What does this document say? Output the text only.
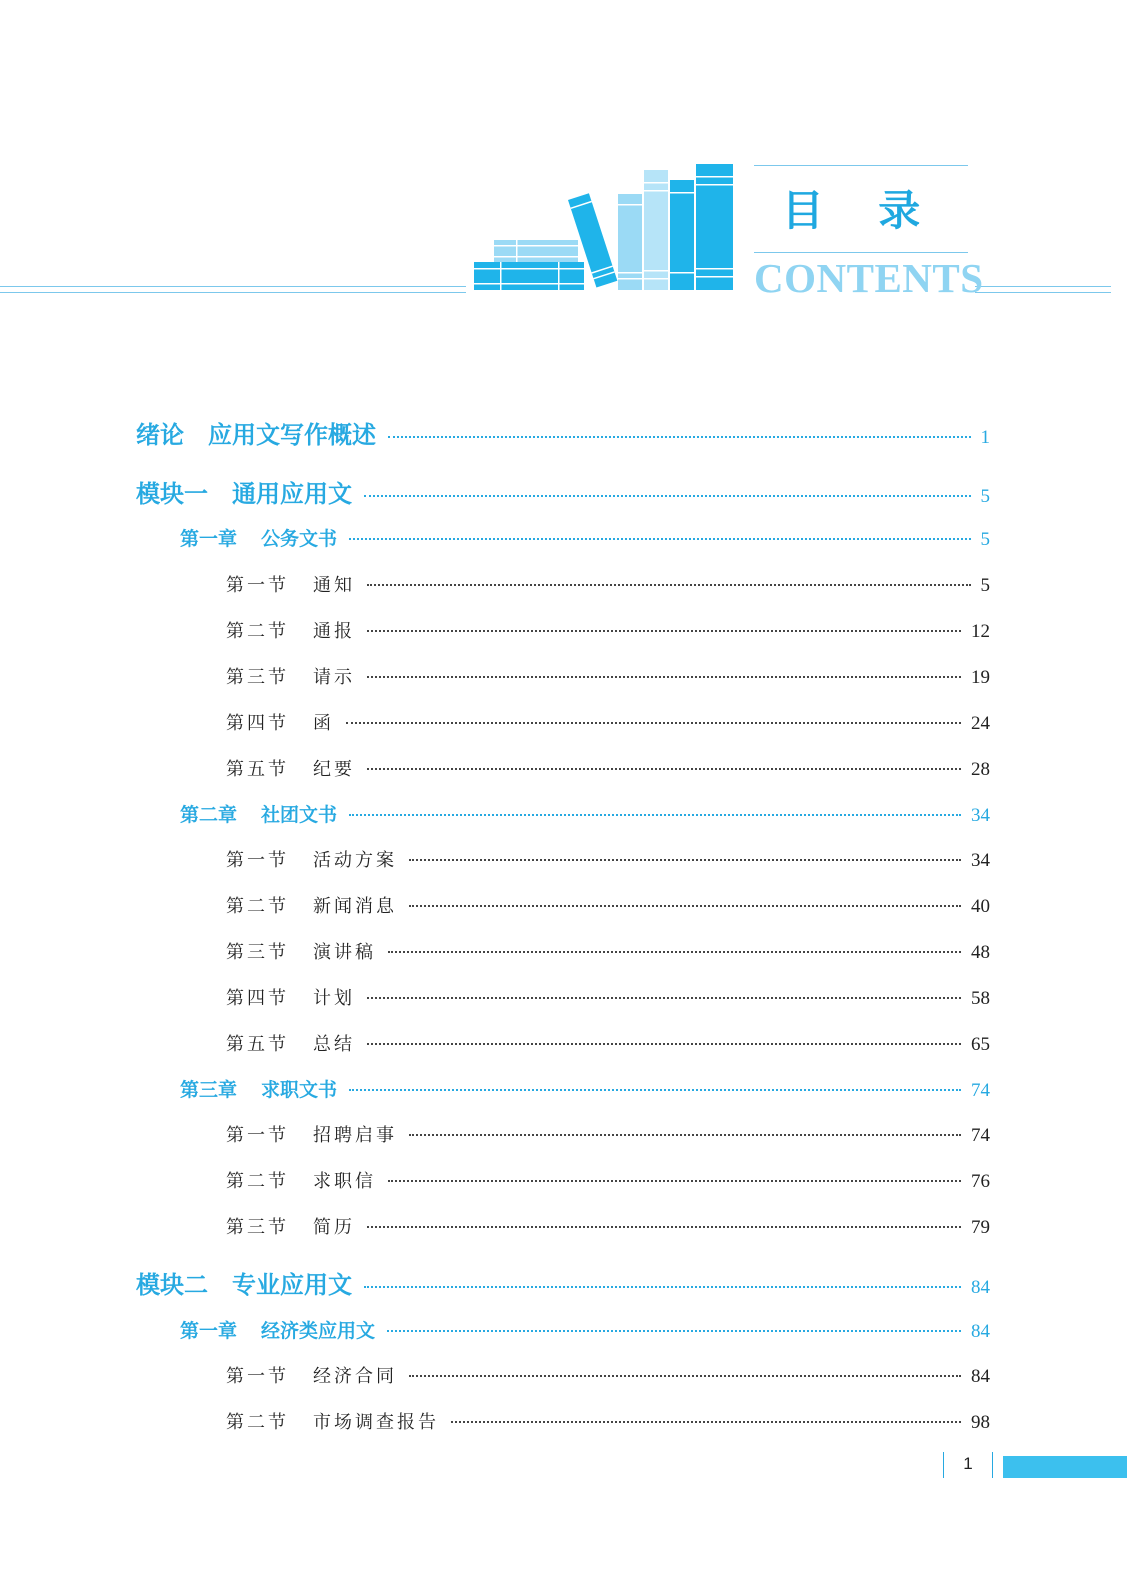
目 录
CONTENTS
绪论 应用文写作概述	1
模块一 通用应用文	5
第一章 公务文书	5
第一节 通知	5
第二节 通报	12
第三节 请示	19
第四节 函	24
第五节 纪要	28
第二章 社团文书	34
第一节 活动方案	34
第二节 新闻消息	40
第三节 演讲稿	48
第四节 计划	58
第五节 总结	65
第三章 求职文书	74
第一节 招聘启事	74
第二节 求职信	76
第三节 简历	79
模块二 专业应用文	84
第一章 经济类应用文	84
第一节 经济合同	84
第二节 市场调查报告	98
1
